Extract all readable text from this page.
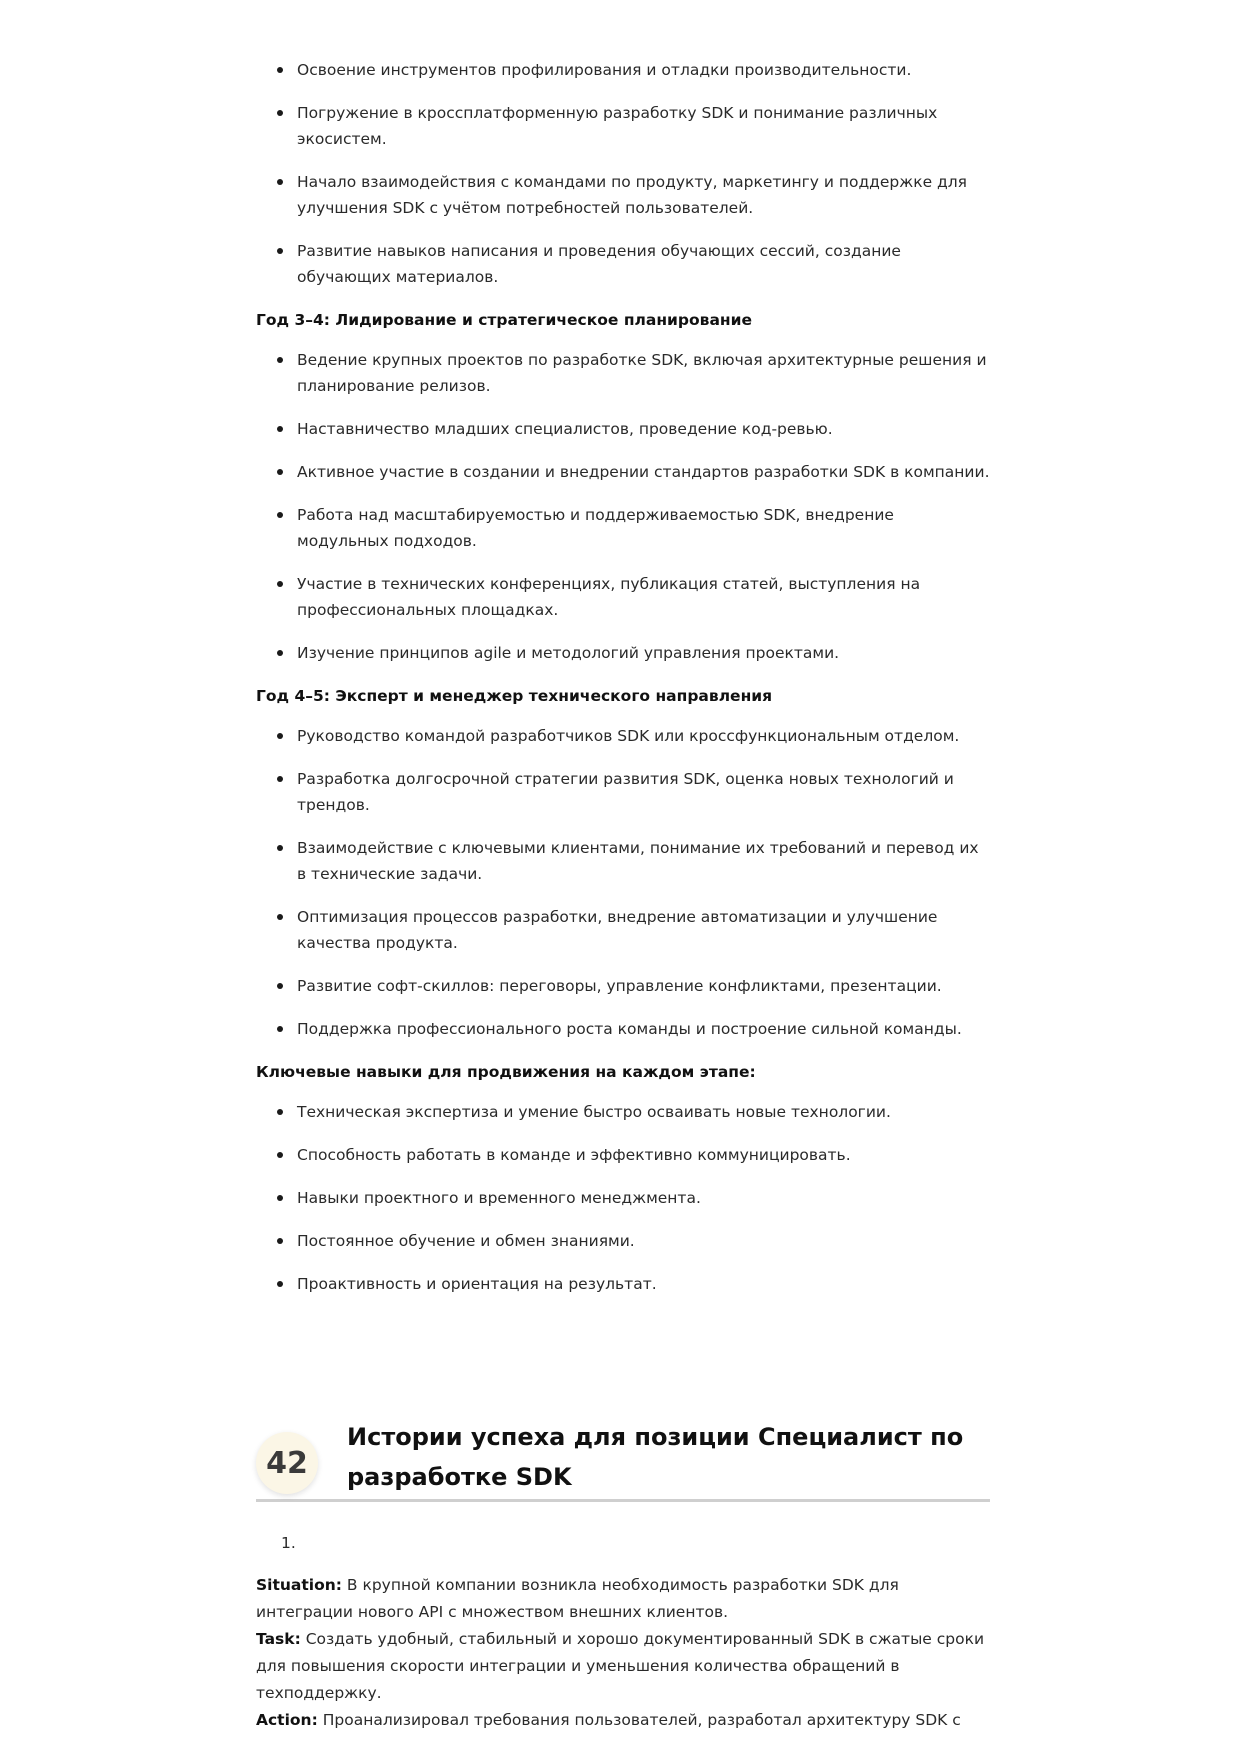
Освоение инструментов профилирования и отладки производительности.
Погружение в кроссплатформенную разработку SDK и понимание различных экосистем.
Начало взаимодействия с командами по продукту, маркетингу и поддержке для улучшения SDK с учётом потребностей пользователей.
Развитие навыков написания и проведения обучающих сессий, создание обучающих материалов.
Год 3–4: Лидирование и стратегическое планирование
Ведение крупных проектов по разработке SDK, включая архитектурные решения и планирование релизов.
Наставничество младших специалистов, проведение код-ревью.
Активное участие в создании и внедрении стандартов разработки SDK в компании.
Работа над масштабируемостью и поддерживаемостью SDK, внедрение модульных подходов.
Участие в технических конференциях, публикация статей, выступления на профессиональных площадках.
Изучение принципов agile и методологий управления проектами.
Год 4–5: Эксперт и менеджер технического направления
Руководство командой разработчиков SDK или кроссфункциональным отделом.
Разработка долгосрочной стратегии развития SDK, оценка новых технологий и трендов.
Взаимодействие с ключевыми клиентами, понимание их требований и перевод их в технические задачи.
Оптимизация процессов разработки, внедрение автоматизации и улучшение качества продукта.
Развитие софт-скиллов: переговоры, управление конфликтами, презентации.
Поддержка профессионального роста команды и построение сильной команды.
Ключевые навыки для продвижения на каждом этапе:
Техническая экспертиза и умение быстро осваивать новые технологии.
Способность работать в команде и эффективно коммуницировать.
Навыки проектного и временного менеджмента.
Постоянное обучение и обмен знаниями.
Проактивность и ориентация на результат.
42
Истории успеха для позиции Специалист по разработке SDK
1.
Situation: В крупной компании возникла необходимость разработки SDK для интеграции нового API с множеством внешних клиентов.
Task: Создать удобный, стабильный и хорошо документированный SDK в сжатые сроки для повышения скорости интеграции и уменьшения количества обращений в техподдержку.
Action: Проанализировал требования пользователей, разработал архитектуру SDK с
